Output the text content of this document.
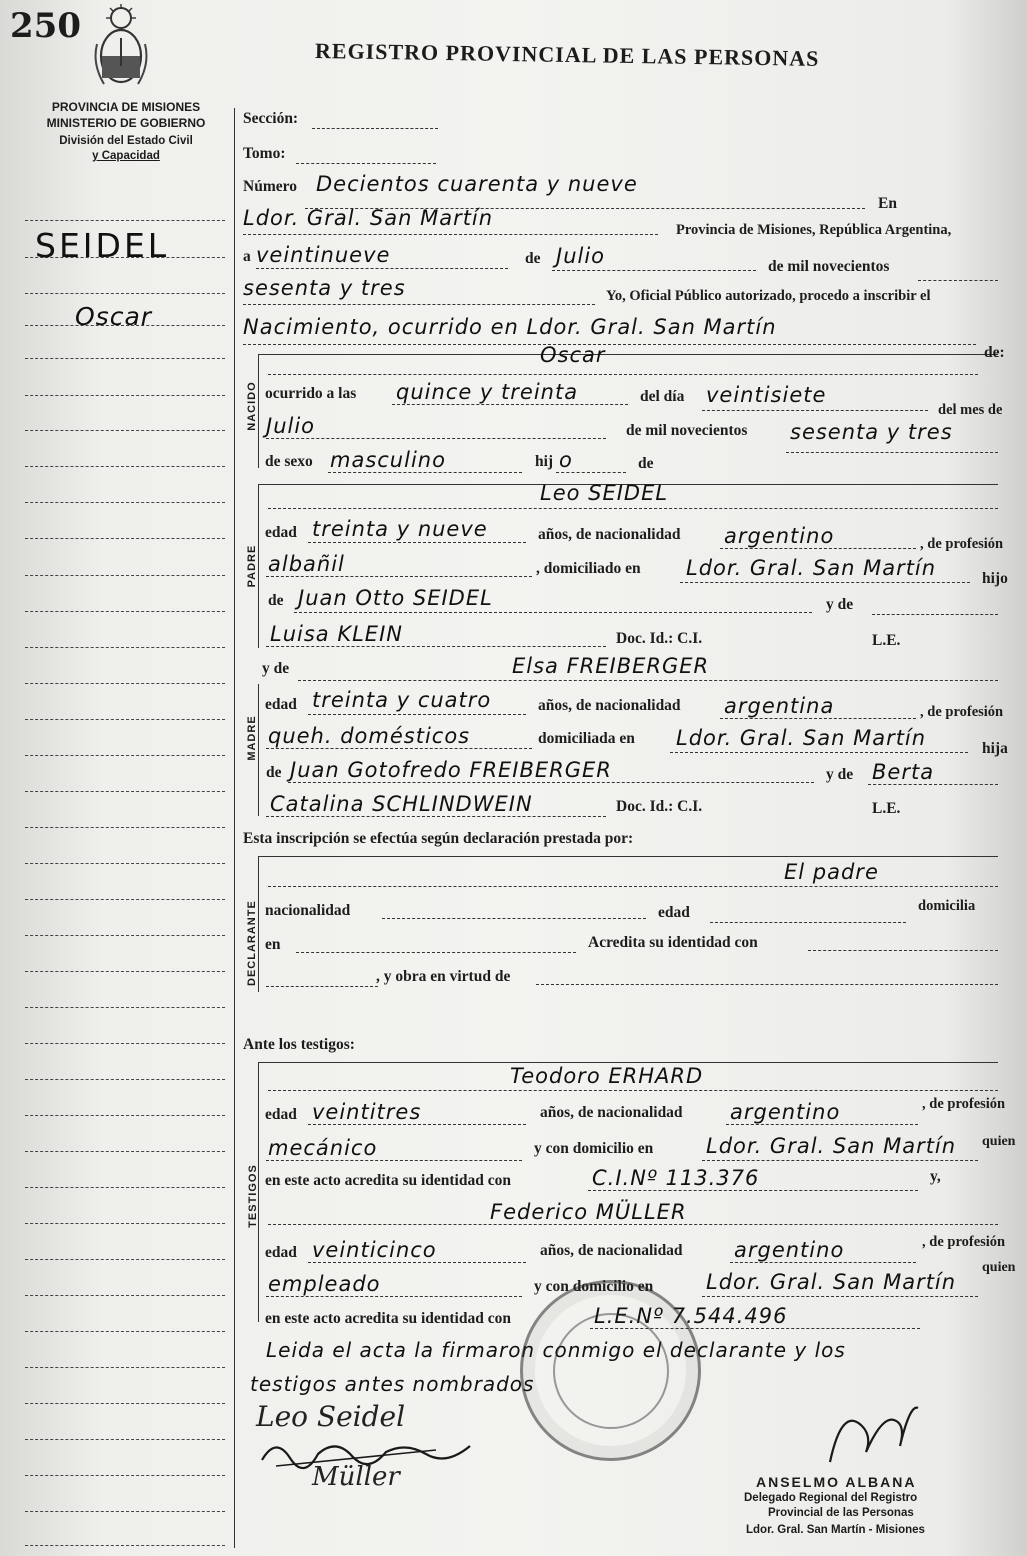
250
REGISTRO PROVINCIAL DE LAS PERSONAS
PROVINCIA DE MISIONES
MINISTERIO DE GOBIERNO
División del Estado Civil
y Capacidad
SEIDEL
Oscar
Sección:
Tomo:
Número Decientos cuarenta y nueve
En
Ldor. Gral. San Martín	Provincia de Misiones, República Argentina,
a veintinueve	de Julio	de mil novecientos
sesenta y tres	Yo, Oficial Público autorizado, procedo a inscribir el
Nacimiento, ocurrido en Ldor. Gral. San Martín
NACIDO
Oscar	de:
ocurrido a las quince y treinta	del día veintisiete
del mes de
Julio	de mil novecientos sesenta y tres
de sexo masculino	hij o	de
PADRE
Leo SEIDEL
edad treinta y nueve	años, de nacionalidad argentino	, de profesión
albañil	, domiciliado en Ldor. Gral. San Martín	hijo
de Juan Otto SEIDEL	y de
Luisa KLEIN	Doc. Id.: C.I.	L.E.
MADRE
y de	Elsa FREIBERGER
edad treinta y cuatro	años, de nacionalidad argentina	, de profesión
queh. domésticos	domiciliada en Ldor. Gral. San Martín	hija
de Juan Gotofredo FREIBERGER	y de Berta
Catalina SCHLINDWEIN	Doc. Id.: C.I.	L.E.
Esta inscripción se efectúa según declaración prestada por:
DECLARANTE
El padre
nacionalidad	edad	domicilia
en	Acredita su identidad con
, y obra en virtud de
Ante los testigos:
TESTIGOS
Teodoro ERHARD
edad veintitres	años, de nacionalidad argentino	, de profesión
mecánico	y con domicilio en	Ldor. Gral. San Martín quien
en este acto acredita su identidad con	C.I.Nº 113.376	y,
Federico MÜLLER
edad veinticinco	años, de nacionalidad argentino	, de profesión
empleado	y con domicilio en	Ldor. Gral. San Martín
quien
en este acto acredita su identidad con	L.E.Nº 7.544.496
Leida el acta la firmaron conmigo el declarante y los
testigos antes nombrados
Leo Seidel
Müller	ANSELMO ALBANA
Delegado Regional del Registro
Provincial de las Personas
Ldor. Gral. San Martín - Misiones
